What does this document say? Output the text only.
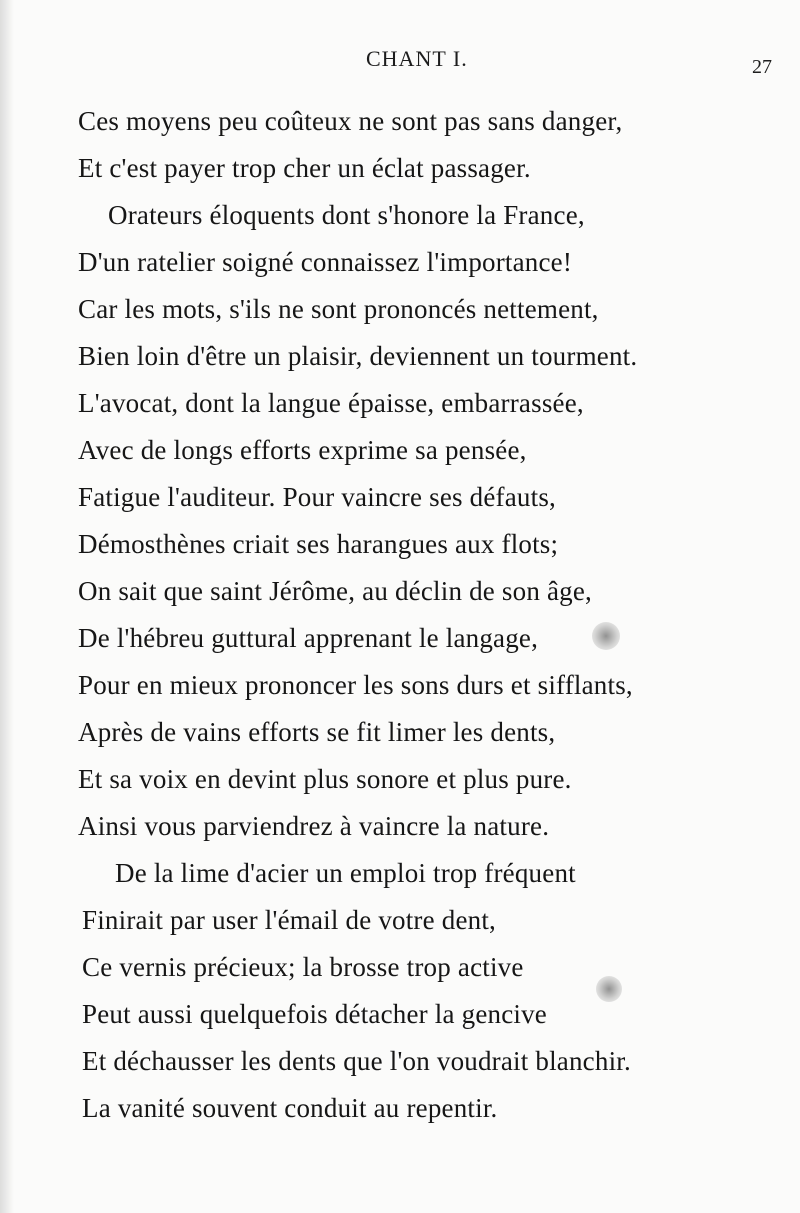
CHANT I.	27
Ces moyens peu coûteux ne sont pas sans danger,
Et c'est payer trop cher un éclat passager.
Orateurs éloquents dont s'honore la France,
D'un ratelier soigné connaissez l'importance!
Car les mots, s'ils ne sont prononcés nettement,
Bien loin d'être un plaisir, deviennent un tourment.
L'avocat, dont la langue épaisse, embarrassée,
Avec de longs efforts exprime sa pensée,
Fatigue l'auditeur. Pour vaincre ses défauts,
Démosthènes criait ses harangues aux flots;
On sait que saint Jérôme, au déclin de son âge,
De l'hébreu guttural apprenant le langage,
Pour en mieux prononcer les sons durs et sifflants,
Après de vains efforts se fit limer les dents,
Et sa voix en devint plus sonore et plus pure.
Ainsi vous parviendrez à vaincre la nature.
De la lime d'acier un emploi trop fréquent
Finirait par user l'émail de votre dent,
Ce vernis précieux; la brosse trop active
Peut aussi quelquefois détacher la gencive
Et déchausser les dents que l'on voudrait blanchir.
La vanité souvent conduit au repentir.
